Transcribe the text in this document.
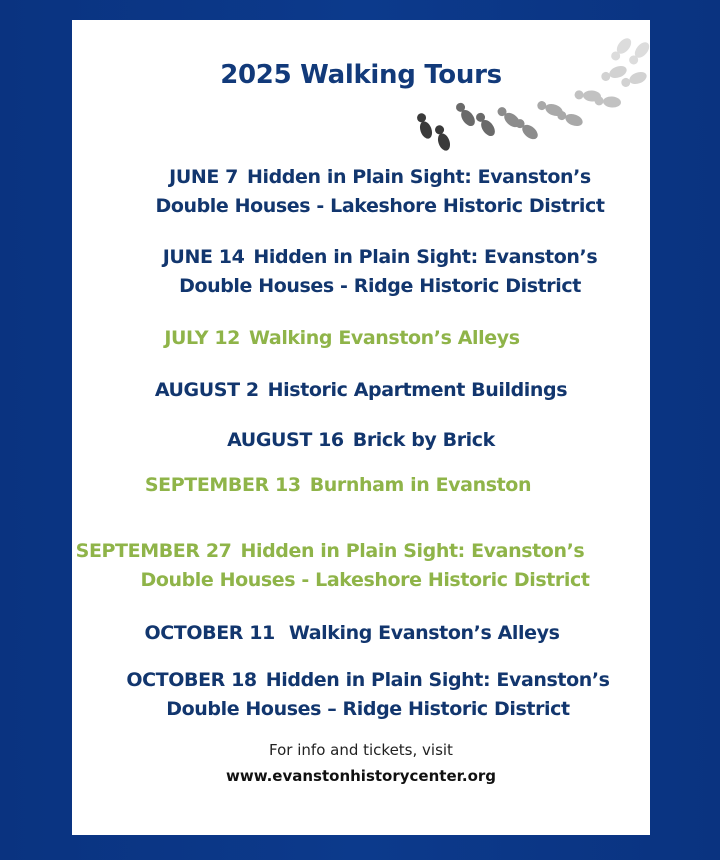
2025 Walking Tours
JUNE 7 Hidden in Plain Sight: Evanston’s
Double Houses - Lakeshore Historic District
JUNE 14 Hidden in Plain Sight: Evanston’s
Double Houses - Ridge Historic District
JULY 12 Walking Evanston’s Alleys
AUGUST 2 Historic Apartment Buildings
AUGUST 16 Brick by Brick
SEPTEMBER 13 Burnham in Evanston
SEPTEMBER 27 Hidden in Plain Sight: Evanston’s
Double Houses - Lakeshore Historic District
OCTOBER 11 Walking Evanston’s Alleys
OCTOBER 18 Hidden in Plain Sight: Evanston’s
Double Houses – Ridge Historic District
For info and tickets, visit
www.evanstonhistorycenter.org
